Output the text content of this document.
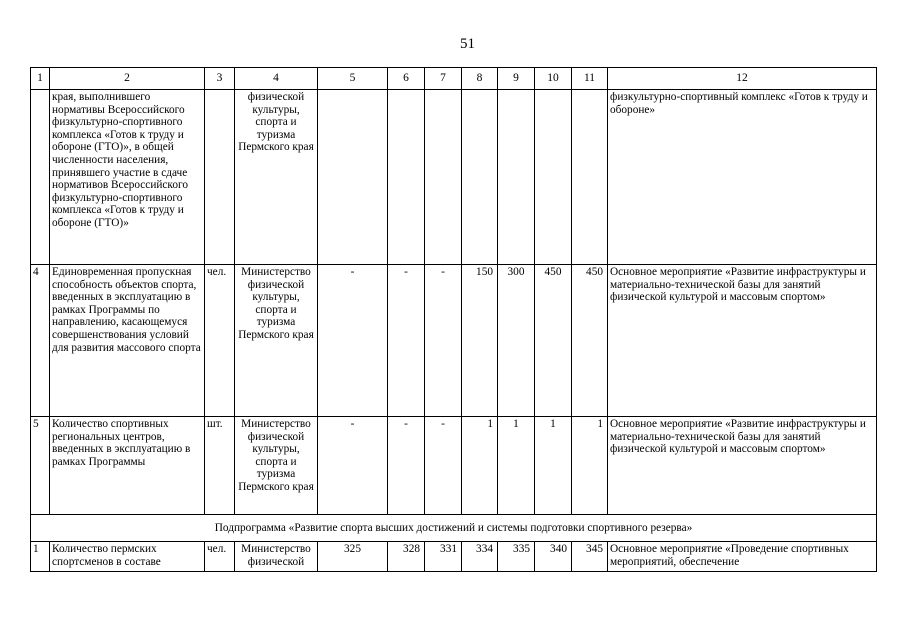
51
1	2	3	4	5	6	7	8	9	10	11	12
	края, выполнившего нормативы Всероссийского физкультурно-спортивного комплекса «Готов к труду и обороне (ГТО)», в общей численности населения, принявшего участие в сдаче нормативов Всероссийского физкультурно-спортивного комплекса «Готов к труду и обороне (ГТО)»		физической культуры, спорта и туризма Пермского края								физкультурно-спортивный комплекс «Готов к труду и обороне»
4	Единовременная пропускная способность объектов спорта, введенных в эксплуатацию в рамках Программы по направлению, касающемуся совершенствования условий для развития массового спорта	чел.	Министерство физической культуры, спорта и туризма Пермского края	-	-	-	150	300	450	450	Основное мероприятие «Развитие инфраструктуры и материально-технической базы для занятий физической культурой и массовым спортом»
5	Количество спортивных региональных центров, введенных в эксплуатацию в рамках Программы	шт.	Министерство физической культуры, спорта и туризма Пермского края	-	-	-	1	1	1	1	Основное мероприятие «Развитие инфраструктуры и материально-технической базы для занятий физической культурой и массовым спортом»
Подпрограмма «Развитие спорта высших достижений и системы подготовки спортивного резерва»											
1	Количество пермских спортсменов в составе	чел.	Министерство физической	325	328	331	334	335	340	345	Основное мероприятие «Проведение спортивных мероприятий, обеспечение
